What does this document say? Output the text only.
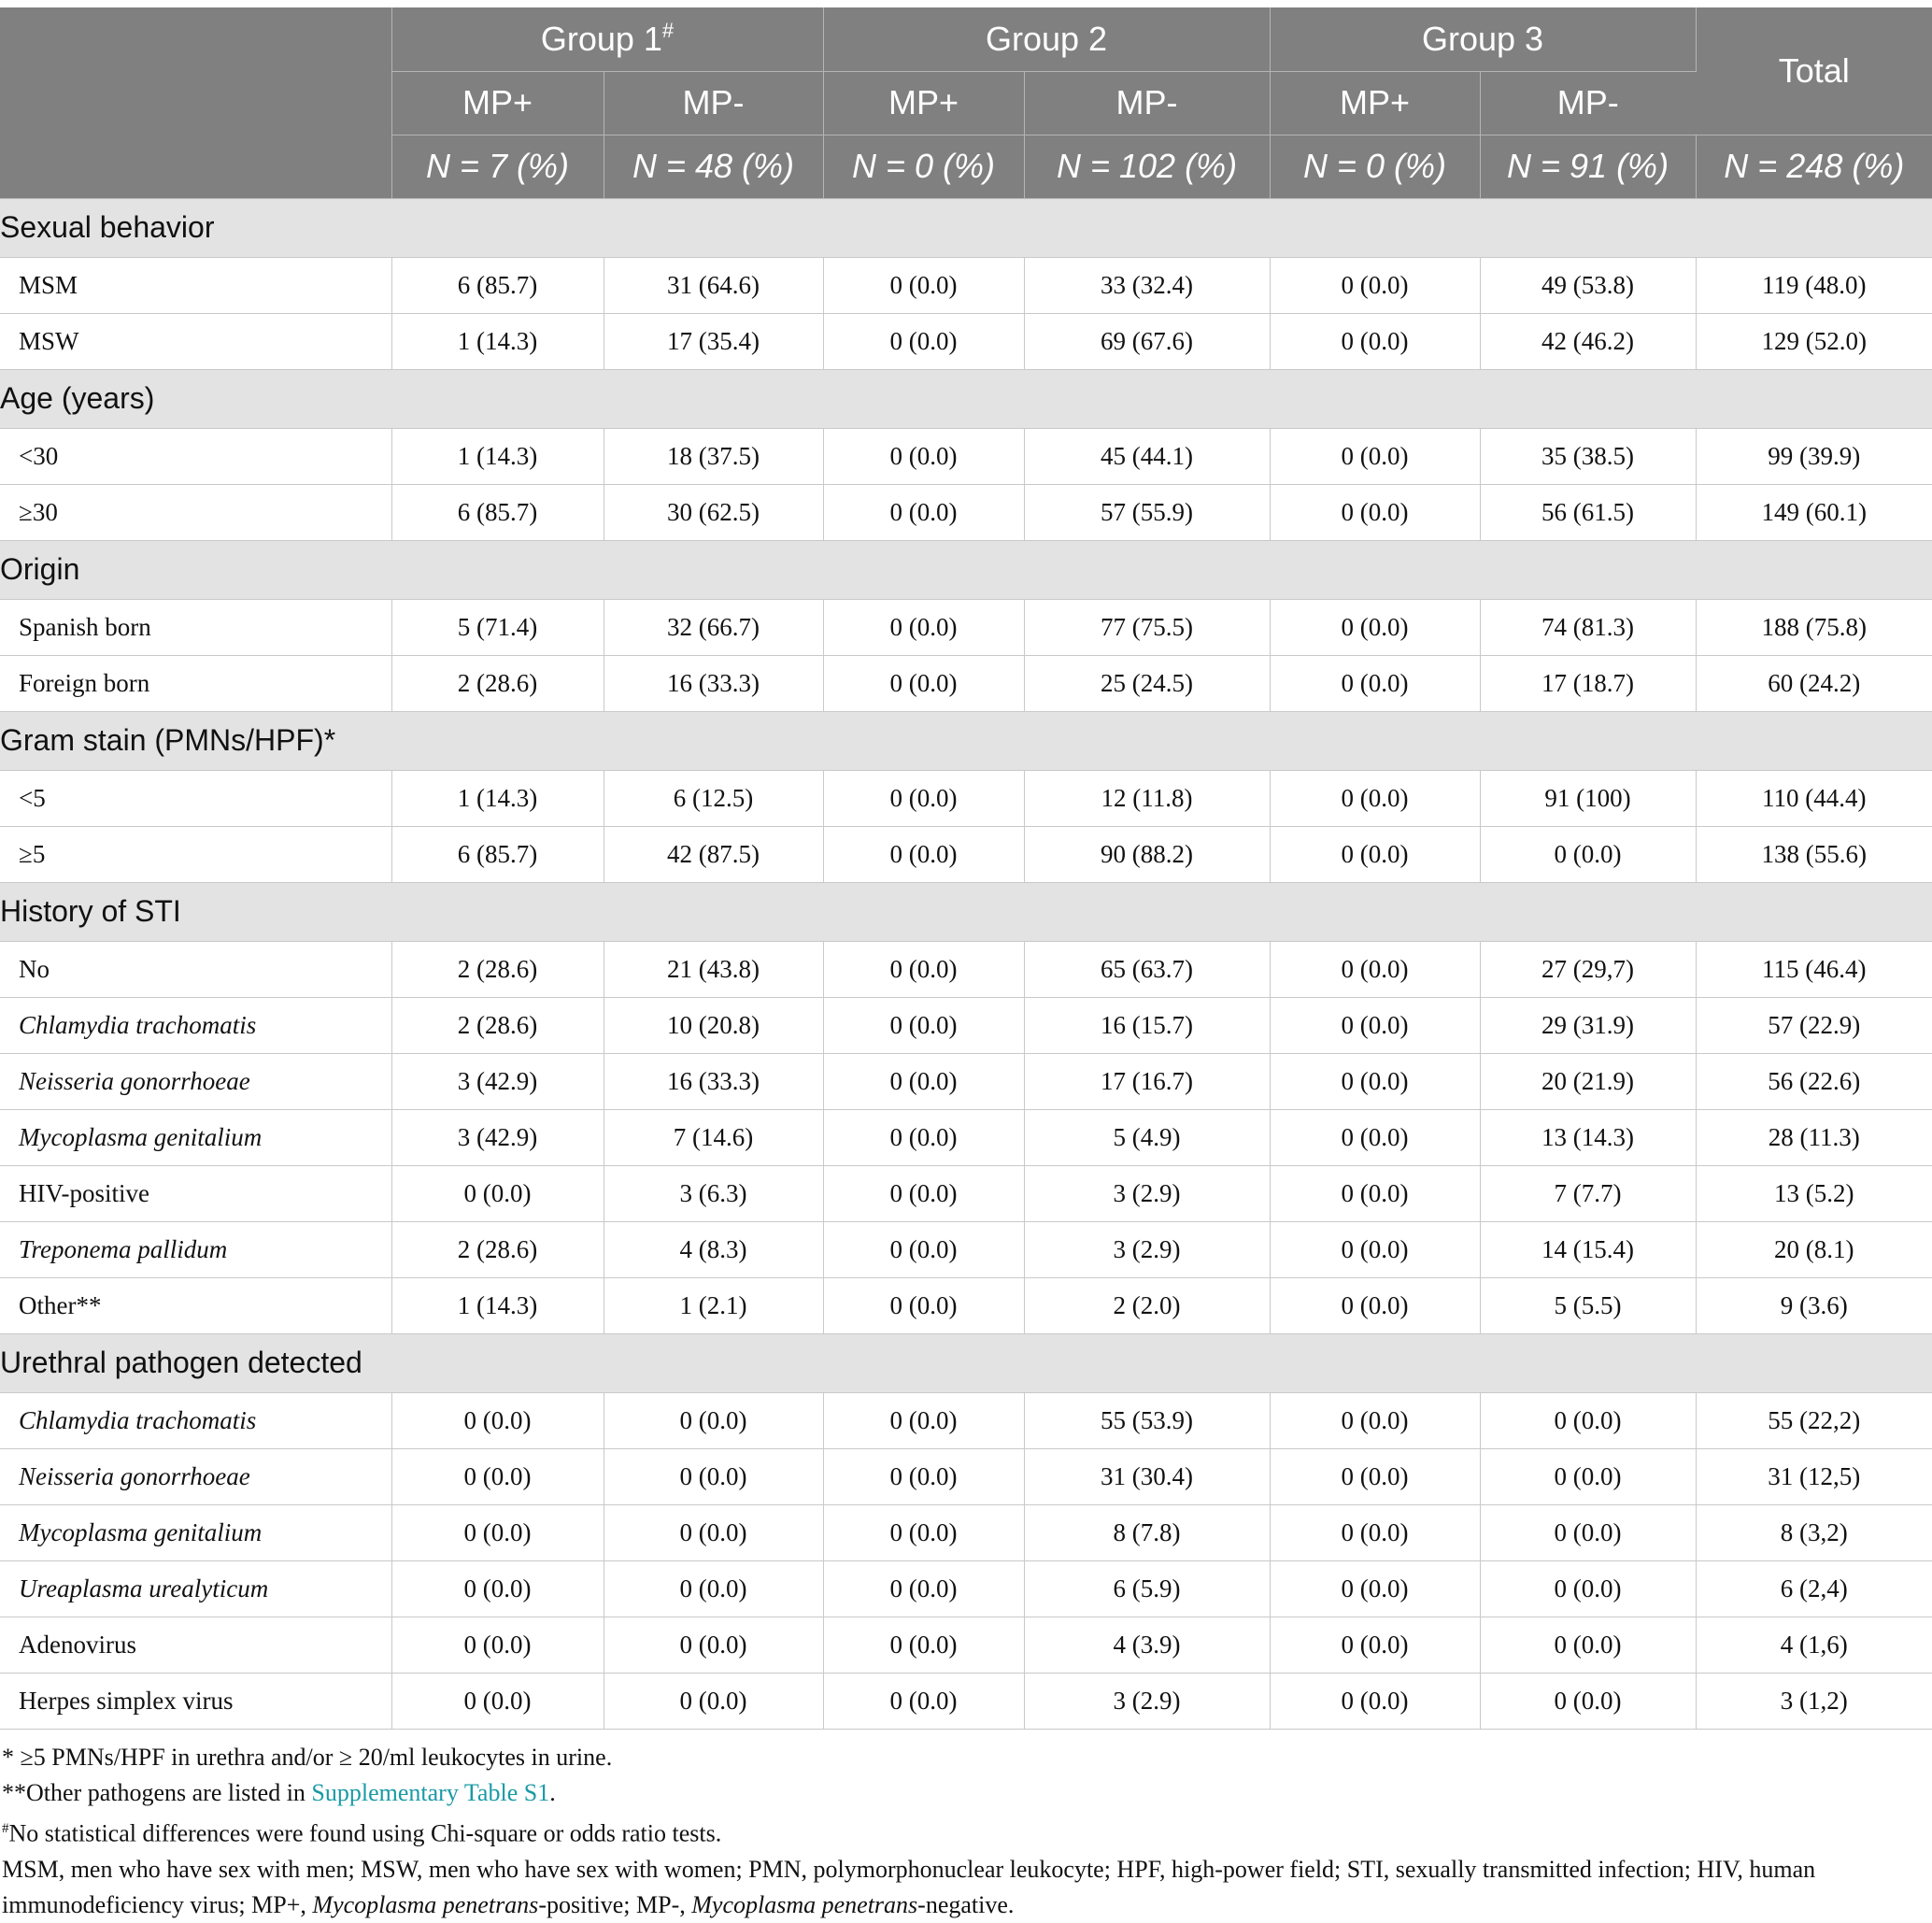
	Group 1#		Group 2		Group 3		Total
	MP+	MP-	MP+	MP-	MP+	MP-	
	N = 7 (%)	N = 48 (%)	N = 0 (%)	N = 102 (%)	N = 0 (%)	N = 91 (%)	N = 248 (%)
Sexual behavior							
MSM	6 (85.7)	31 (64.6)	0 (0.0)	33 (32.4)	0 (0.0)	49 (53.8)	119 (48.0)
MSW	1 (14.3)	17 (35.4)	0 (0.0)	69 (67.6)	0 (0.0)	42 (46.2)	129 (52.0)
Age (years)							
<30	1 (14.3)	18 (37.5)	0 (0.0)	45 (44.1)	0 (0.0)	35 (38.5)	99 (39.9)
≥30	6 (85.7)	30 (62.5)	0 (0.0)	57 (55.9)	0 (0.0)	56 (61.5)	149 (60.1)
Origin							
Spanish born	5 (71.4)	32 (66.7)	0 (0.0)	77 (75.5)	0 (0.0)	74 (81.3)	188 (75.8)
Foreign born	2 (28.6)	16 (33.3)	0 (0.0)	25 (24.5)	0 (0.0)	17 (18.7)	60 (24.2)
Gram stain (PMNs/HPF)*							
<5	1 (14.3)	6 (12.5)	0 (0.0)	12 (11.8)	0 (0.0)	91 (100)	110 (44.4)
≥5	6 (85.7)	42 (87.5)	0 (0.0)	90 (88.2)	0 (0.0)	0 (0.0)	138 (55.6)
History of STI							
No	2 (28.6)	21 (43.8)	0 (0.0)	65 (63.7)	0 (0.0)	27 (29,7)	115 (46.4)
Chlamydia trachomatis	2 (28.6)	10 (20.8)	0 (0.0)	16 (15.7)	0 (0.0)	29 (31.9)	57 (22.9)
Neisseria gonorrhoeae	3 (42.9)	16 (33.3)	0 (0.0)	17 (16.7)	0 (0.0)	20 (21.9)	56 (22.6)
Mycoplasma genitalium	3 (42.9)	7 (14.6)	0 (0.0)	5 (4.9)	0 (0.0)	13 (14.3)	28 (11.3)
HIV-positive	0 (0.0)	3 (6.3)	0 (0.0)	3 (2.9)	0 (0.0)	7 (7.7)	13 (5.2)
Treponema pallidum	2 (28.6)	4 (8.3)	0 (0.0)	3 (2.9)	0 (0.0)	14 (15.4)	20 (8.1)
Other**	1 (14.3)	1 (2.1)	0 (0.0)	2 (2.0)	0 (0.0)	5 (5.5)	9 (3.6)
Urethral pathogen detected							
Chlamydia trachomatis	0 (0.0)	0 (0.0)	0 (0.0)	55 (53.9)	0 (0.0)	0 (0.0)	55 (22,2)
Neisseria gonorrhoeae	0 (0.0)	0 (0.0)	0 (0.0)	31 (30.4)	0 (0.0)	0 (0.0)	31 (12,5)
Mycoplasma genitalium	0 (0.0)	0 (0.0)	0 (0.0)	8 (7.8)	0 (0.0)	0 (0.0)	8 (3,2)
Ureaplasma urealyticum	0 (0.0)	0 (0.0)	0 (0.0)	6 (5.9)	0 (0.0)	0 (0.0)	6 (2,4)
Adenovirus	0 (0.0)	0 (0.0)	0 (0.0)	4 (3.9)	0 (0.0)	0 (0.0)	4 (1,6)
Herpes simplex virus	0 (0.0)	0 (0.0)	0 (0.0)	3 (2.9)	0 (0.0)	0 (0.0)	3 (1,2)
* ≥5 PMNs/HPF in urethra and/or ≥ 20/ml leukocytes in urine.
**Other pathogens are listed in Supplementary Table S1.
#No statistical differences were found using Chi-square or odds ratio tests.
MSM, men who have sex with men; MSW, men who have sex with women; PMN, polymorphonuclear leukocyte; HPF, high-power field; STI, sexually transmitted infection; HIV, human immunodeficiency virus; MP+, Mycoplasma penetrans-positive; MP-, Mycoplasma penetrans-negative.
